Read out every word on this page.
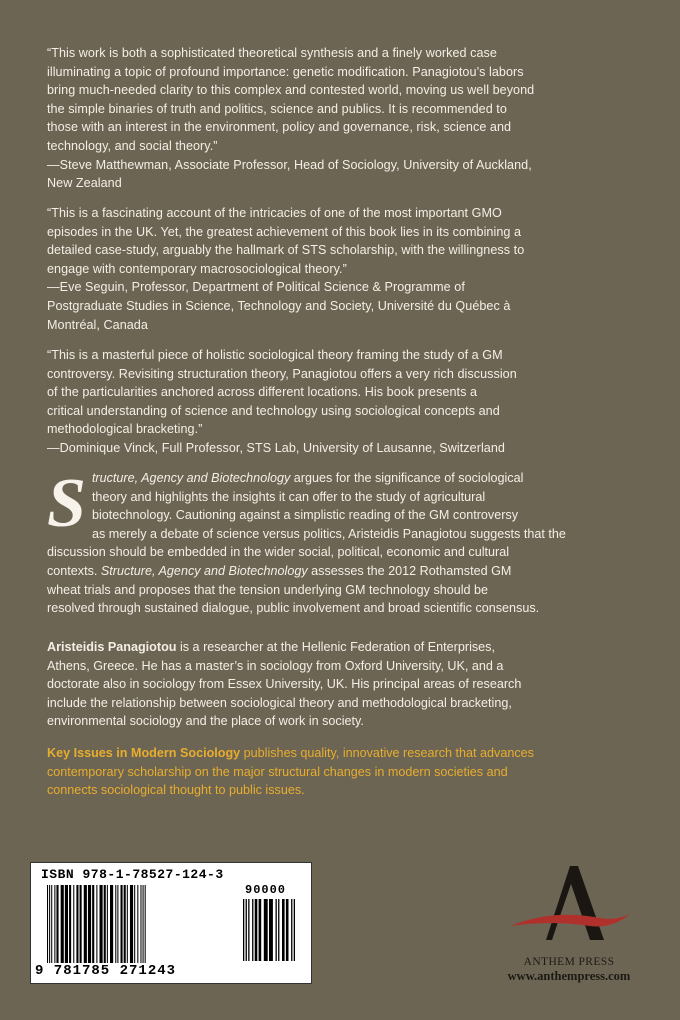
“This work is both a sophisticated theoretical synthesis and a finely worked case

illuminating a topic of profound importance: genetic modification. Panagiotou’s labors

bring much-needed clarity to this complex and contested world, moving us well beyond

the simple binaries of truth and politics, science and publics. It is recommended to

those with an interest in the environment, policy and governance, risk, science and

technology, and social theory.”

—Steve Matthewman, Associate Professor, Head of Sociology, University of Auckland,

New Zealand

“This is a fascinating account of the intricacies of one of the most important GMO

episodes in the UK. Yet, the greatest achievement of this book lies in its combining a

detailed case-study, arguably the hallmark of STS scholarship, with the willingness to

engage with contemporary macrosociological theory.”

—Eve Seguin, Professor, Department of Political Science & Programme of

Postgraduate Studies in Science, Technology and Society, Université du Québec à

Montréal, Canada

“This is a masterful piece of holistic sociological theory framing the study of a GM

controversy. Revisiting structuration theory, Panagiotou offers a very rich discussion

of the particularities anchored across different locations. His book presents a

critical understanding of science and technology using sociological concepts and

methodological bracketing.”

—Dominique Vinck, Full Professor, STS Lab, University of Lausanne, Switzerland

S tructure, Agency and Biotechnology argues for the significance of sociological

theory and highlights the insights it can offer to the study of agricultural

biotechnology. Cautioning against a simplistic reading of the GM controversy

as merely a debate of science versus politics, Aristeidis Panagiotou suggests that the

discussion should be embedded in the wider social, political, economic and cultural

contexts. Structure, Agency and Biotechnology assesses the 2012 Rothamsted GM

wheat trials and proposes that the tension underlying GM technology should be

resolved through sustained dialogue, public involvement and broad scientific consensus.

Aristeidis Panagiotou is a researcher at the Hellenic Federation of Enterprises,

Athens, Greece. He has a master’s in sociology from Oxford University, UK, and a

doctorate also in sociology from Essex University, UK. His principal areas of research

include the relationship between sociological theory and methodological bracketing,

environmental sociology and the place of work in society.

Key Issues in Modern Sociology publishes quality, innovative research that advances

contemporary scholarship on the major structural changes in modern societies and

connects sociological thought to public issues.

ISBN 978-1-78527-124-3
90000
9 781785 271243
ANTHEM PRESS
www.anthempress.com
